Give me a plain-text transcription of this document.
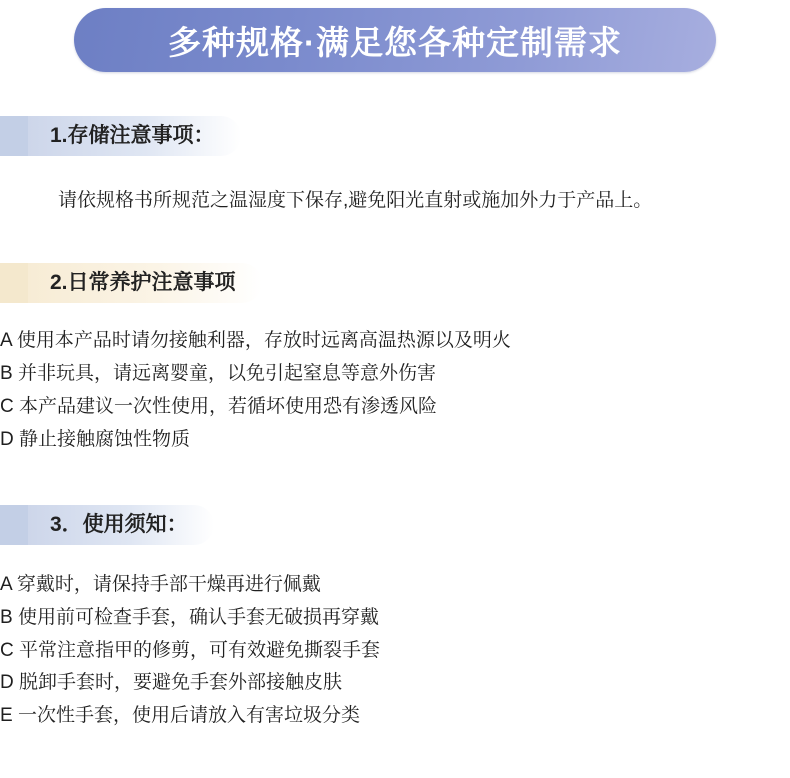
多种规格·满足您各种定制需求
1.存储注意事项：
请依规格书所规范之温湿度下保存,避免阳光直射或施加外力于产品上。
2.日常养护注意事项
A 使用本产品时请勿接触利器，存放时远离高温热源以及明火
B 并非玩具，请远离婴童，以免引起窒息等意外伤害
C 本产品建议一次性使用，若循坏使用恐有渗透风险
D 静止接触腐蚀性物质
3．使用须知：
A 穿戴时，请保持手部干燥再进行佩戴
B 使用前可检查手套，确认手套无破损再穿戴
C 平常注意指甲的修剪，可有效避免撕裂手套
D 脱卸手套时，要避免手套外部接触皮肤
E 一次性手套，使用后请放入有害垃圾分类
